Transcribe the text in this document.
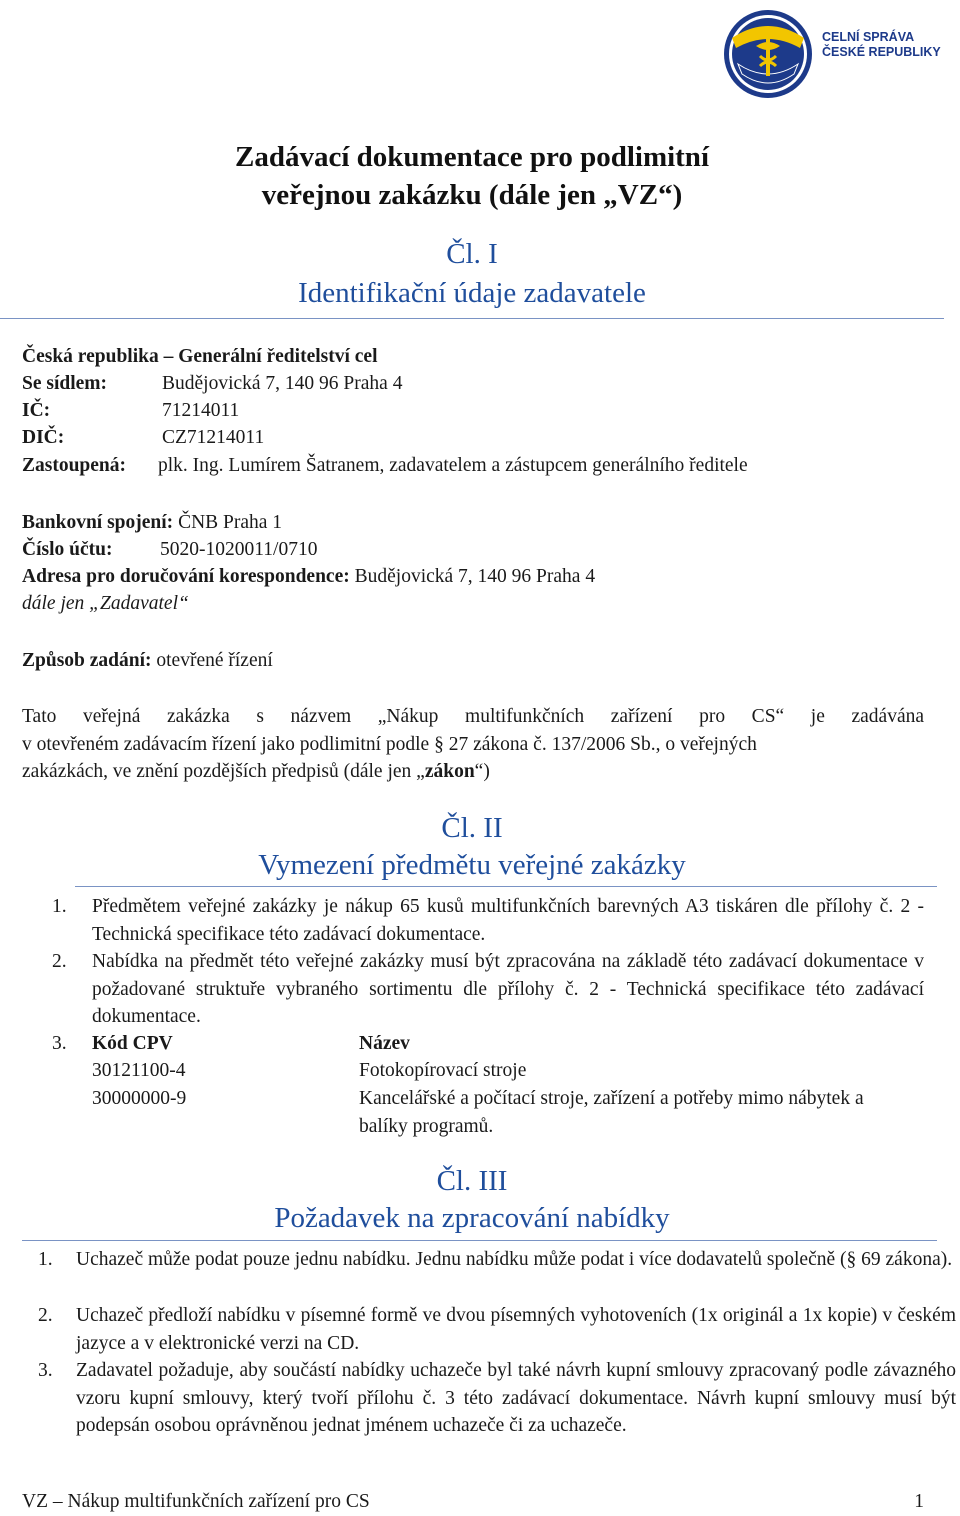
CELNÍ SPRÁVA
ČESKÉ REPUBLIKY
Zadávací dokumentace pro podlimitní
veřejnou zakázku (dále jen „VZ“)
Čl. I
Identifikační údaje zadavatele
Česká republika – Generální ředitelství cel
Se sídlem:	Budějovická 7, 140 96 Praha 4
IČ:	71214011
DIČ:	CZ71214011
Zastoupená: plk. Ing. Lumírem Šatranem, zadavatelem a zástupcem generálního ředitele
Bankovní spojení: ČNB Praha 1
Číslo účtu: 5020-1020011/0710
Adresa pro doručování korespondence: Budějovická 7, 140 96 Praha 4
dále jen „Zadavatel“
Způsob zadání: otevřené řízení
Tato veřejná zakázka s názvem „Nákup multifunkčních zařízení pro CS“ je zadávána
v otevřeném zadávacím řízení jako podlimitní podle § 27 zákona č. 137/2006 Sb., o veřejných
zakázkách, ve znění pozdějších předpisů (dále jen „zákon“)
Čl. II
Vymezení předmětu veřejné zakázky
1. Předmětem veřejné zakázky je nákup 65 kusů multifunkčních barevných A3 tiskáren dle přílohy č. 2 - Technická specifikace této zadávací dokumentace.
2. Nabídka na předmět této veřejné zakázky musí být zpracována na základě této zadávací dokumentace v požadované struktuře vybraného sortimentu dle přílohy č. 2 - Technická specifikace této zadávací dokumentace.
3. Kód CPV	Název
30121100-4	Fotokopírovací stroje
30000000-9	Kancelářské a počítací stroje, zařízení a potřeby mimo nábytek a balíky programů.
Čl. III
Požadavek na zpracování nabídky
1. Uchazeč může podat pouze jednu nabídku. Jednu nabídku může podat i více dodavatelů společně (§ 69 zákona).
2. Uchazeč předloží nabídku v písemné formě ve dvou písemných vyhotoveních (1x originál a 1x kopie) v českém jazyce a v elektronické verzi na CD.
3. Zadavatel požaduje, aby součástí nabídky uchazeče byl také návrh kupní smlouvy zpracovaný podle závazného vzoru kupní smlouvy, který tvoří přílohu č. 3 této zadávací dokumentace. Návrh kupní smlouvy musí být podepsán osobou oprávněnou jednat jménem uchazeče či za uchazeče.
VZ – Nákup multifunkčních zařízení pro CS	1
